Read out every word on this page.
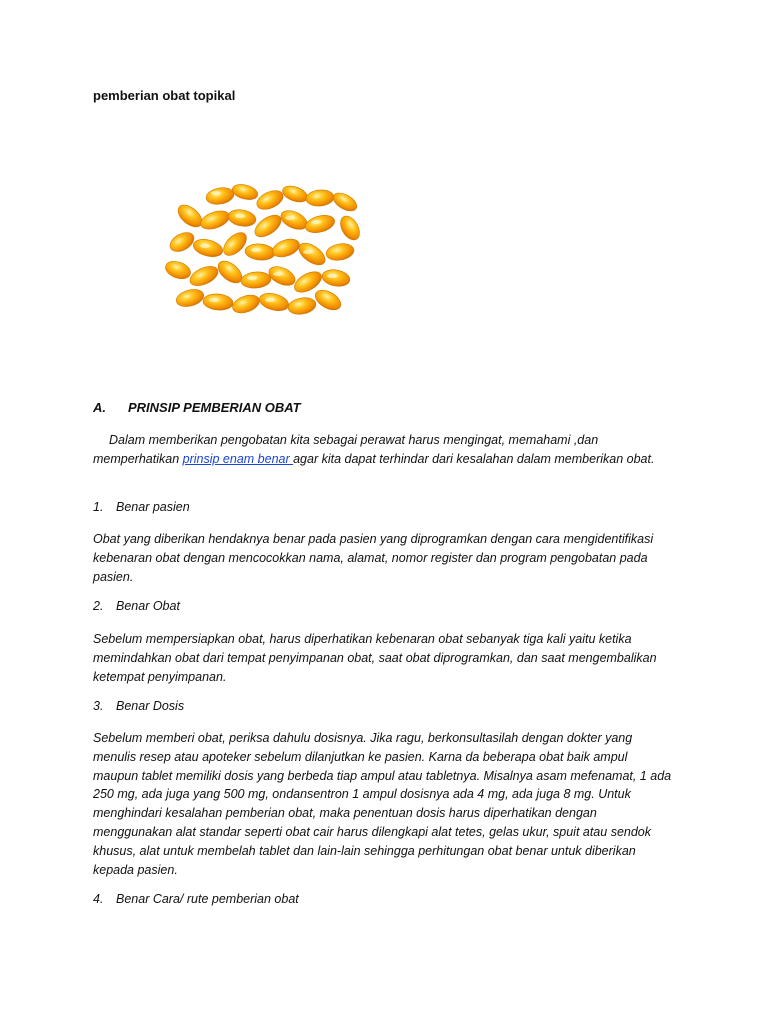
pemberian obat topikal
A. PRINSIP PEMBERIAN OBAT

Dalam memberikan pengobatan kita sebagai perawat harus mengingat, memahami ,dan memperhatikan prinsip enam benar agar kita dapat terhindar dari kesalahan dalam memberikan obat.

1. Benar pasien

Obat yang diberikan hendaknya benar pada pasien yang diprogramkan dengan cara mengidentifikasi kebenaran obat dengan mencocokkan nama, alamat, nomor register dan program pengobatan pada pasien.

2. Benar Obat

Sebelum mempersiapkan obat, harus diperhatikan kebenaran obat sebanyak tiga kali yaitu ketika memindahkan obat dari tempat penyimpanan obat, saat obat diprogramkan, dan saat mengembalikan ketempat penyimpanan.

3. Benar Dosis

Sebelum memberi obat, periksa dahulu dosisnya. Jika ragu, berkonsultasilah dengan dokter yang menulis resep atau apoteker sebelum dilanjutkan ke pasien. Karna da beberapa obat baik ampul maupun tablet memiliki dosis yang berbeda tiap ampul atau tabletnya. Misalnya asam mefenamat, 1 ada 250 mg, ada juga yang 500 mg, ondansentron 1 ampul dosisnya ada 4 mg, ada juga 8 mg. Untuk menghindari kesalahan pemberian obat, maka penentuan dosis harus diperhatikan dengan menggunakan alat standar seperti obat cair harus dilengkapi alat tetes, gelas ukur, spuit atau sendok khusus, alat untuk membelah tablet dan lain-lain sehingga perhitungan obat benar untuk diberikan kepada pasien.

4. Benar Cara/ rute pemberian obat
